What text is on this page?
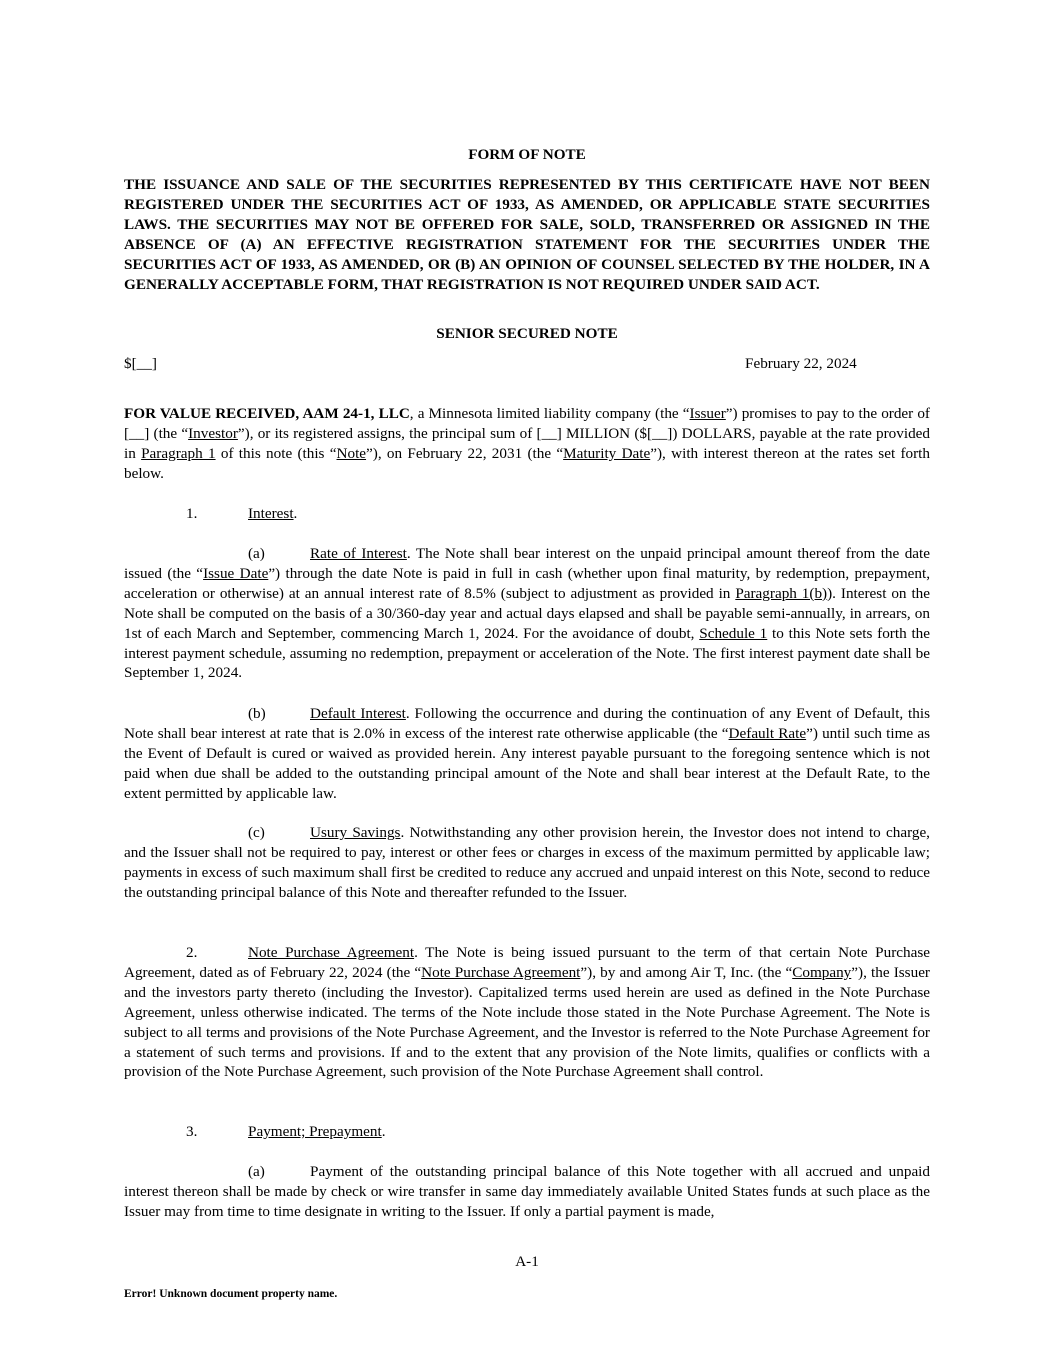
FORM OF NOTE
THE ISSUANCE AND SALE OF THE SECURITIES REPRESENTED BY THIS CERTIFICATE HAVE NOT BEEN REGISTERED UNDER THE SECURITIES ACT OF 1933, AS AMENDED, OR APPLICABLE STATE SECURITIES LAWS. THE SECURITIES MAY NOT BE OFFERED FOR SALE, SOLD, TRANSFERRED OR ASSIGNED IN THE ABSENCE OF (A) AN EFFECTIVE REGISTRATION STATEMENT FOR THE SECURITIES UNDER THE SECURITIES ACT OF 1933, AS AMENDED, OR (B) AN OPINION OF COUNSEL SELECTED BY THE HOLDER, IN A GENERALLY ACCEPTABLE FORM, THAT REGISTRATION IS NOT REQUIRED UNDER SAID ACT.
SENIOR SECURED NOTE
$[__]	February 22, 2024
FOR VALUE RECEIVED, AAM 24-1, LLC, a Minnesota limited liability company (the “Issuer”) promises to pay to the order of [__] (the “Investor”), or its registered assigns, the principal sum of [__] MILLION ($[__]) DOLLARS, payable at the rate provided in Paragraph 1 of this note (this “Note”), on February 22, 2031 (the “Maturity Date”), with interest thereon at the rates set forth below.
1.	Interest.
(a)	Rate of Interest. The Note shall bear interest on the unpaid principal amount thereof from the date issued (the “Issue Date”) through the date Note is paid in full in cash (whether upon final maturity, by redemption, prepayment, acceleration or otherwise) at an annual interest rate of 8.5% (subject to adjustment as provided in Paragraph 1(b)). Interest on the Note shall be computed on the basis of a 30/360-day year and actual days elapsed and shall be payable semi-annually, in arrears, on 1st of each March and September, commencing March 1, 2024. For the avoidance of doubt, Schedule 1 to this Note sets forth the interest payment schedule, assuming no redemption, prepayment or acceleration of the Note. The first interest payment date shall be September 1, 2024.
(b)	Default Interest. Following the occurrence and during the continuation of any Event of Default, this Note shall bear interest at rate that is 2.0% in excess of the interest rate otherwise applicable (the “Default Rate”) until such time as the Event of Default is cured or waived as provided herein. Any interest payable pursuant to the foregoing sentence which is not paid when due shall be added to the outstanding principal amount of the Note and shall bear interest at the Default Rate, to the extent permitted by applicable law.
(c)	Usury Savings. Notwithstanding any other provision herein, the Investor does not intend to charge, and the Issuer shall not be required to pay, interest or other fees or charges in excess of the maximum permitted by applicable law; payments in excess of such maximum shall first be credited to reduce any accrued and unpaid interest on this Note, second to reduce the outstanding principal balance of this Note and thereafter refunded to the Issuer.
2.	Note Purchase Agreement. The Note is being issued pursuant to the term of that certain Note Purchase Agreement, dated as of February 22, 2024 (the “Note Purchase Agreement”), by and among Air T, Inc. (the “Company”), the Issuer and the investors party thereto (including the Investor). Capitalized terms used herein are used as defined in the Note Purchase Agreement, unless otherwise indicated. The terms of the Note include those stated in the Note Purchase Agreement. The Note is subject to all terms and provisions of the Note Purchase Agreement, and the Investor is referred to the Note Purchase Agreement for a statement of such terms and provisions. If and to the extent that any provision of the Note limits, qualifies or conflicts with a provision of the Note Purchase Agreement, such provision of the Note Purchase Agreement shall control.
3.	Payment; Prepayment.
(a)	Payment of the outstanding principal balance of this Note together with all accrued and unpaid interest thereon shall be made by check or wire transfer in same day immediately available United States funds at such place as the Issuer may from time to time designate in writing to the Issuer. If only a partial payment is made,
A-1
Error! Unknown document property name.
